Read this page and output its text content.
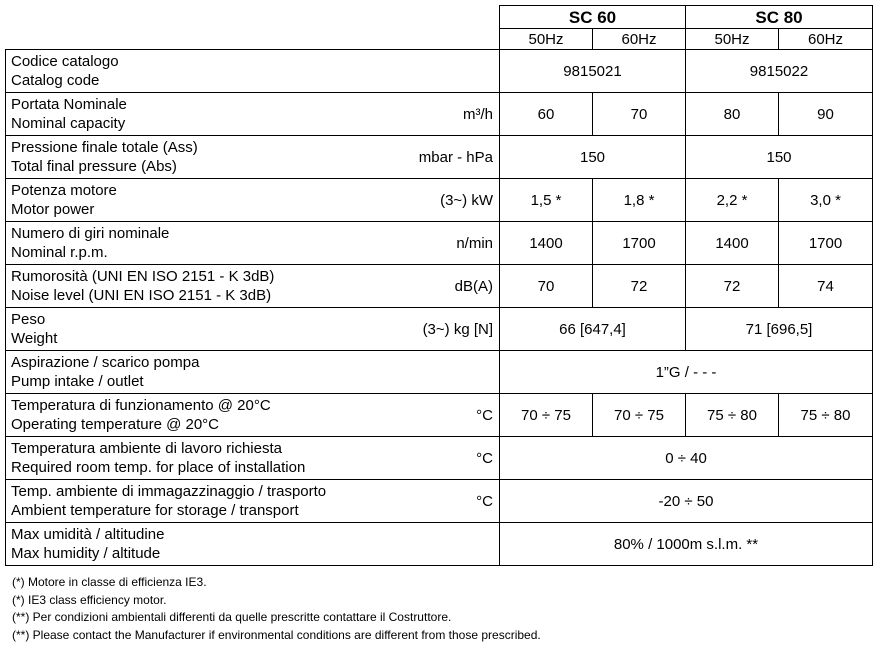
		SC 60		SC 80	
		50Hz	60Hz	50Hz	60Hz

Codice catalogo
Catalog code		9815021		9815022	

Portata Nominale
Nominal capacity	m³/h	60	70	80	90

Pressione finale totale (Ass)
Total final pressure (Abs)	mbar - hPa	150		150	

Potenza motore
Motor power	(3~) kW	1,5 *	1,8 *	2,2 *	3,0 *

Numero di giri nominale
Nominal r.p.m.	n/min	1400	1700	1400	1700

Rumorosità (UNI EN ISO 2151 - K 3dB)
Noise level (UNI EN ISO 2151 - K 3dB)	dB(A)	70	72	72	74

Peso
Weight	(3~) kg [N]	66 [647,4]		71 [696,5]	

Aspirazione / scarico pompa
Pump intake / outlet		1”G / - - -			

Temperatura di funzionamento @ 20°C
Operating temperature @ 20°C	°C	70 ÷ 75	70 ÷ 75	75 ÷ 80	75 ÷ 80

Temperatura ambiente di lavoro richiesta
Required room temp. for place of installation	°C	0 ÷ 40			

Temp. ambiente di immagazzinaggio / trasporto
Ambient temperature for storage / transport	°C	-20 ÷ 50			

Max umidità / altitudine
Max humidity / altitude		80% / 1000m s.l.m. **			
(*) Motore in classe di efficienza IE3.
(*) IE3 class efficiency motor.
(**) Per condizioni ambientali differenti da quelle prescritte contattare il Costruttore.
(**) Please contact the Manufacturer if environmental conditions are different from those prescribed.
